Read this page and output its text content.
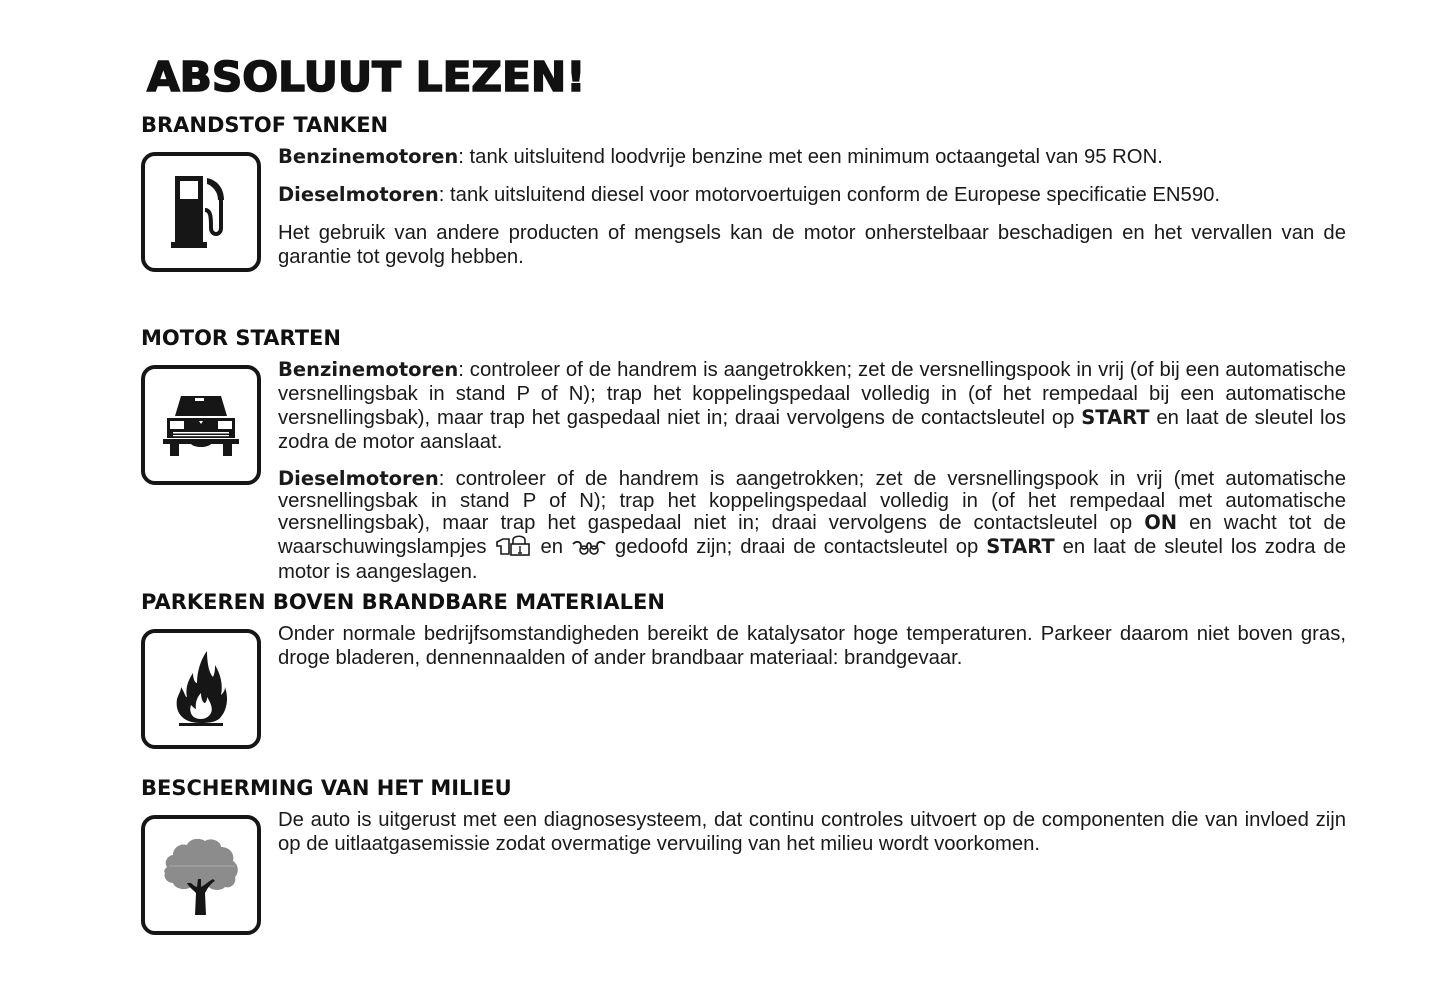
ABSOLUUT LEZEN!
BRANDSTOF TANKEN

Benzinemotoren: tank uitsluitend loodvrije benzine met een minimum octaangetal van 95 RON.

Dieselmotoren: tank uitsluitend diesel voor motorvoertuigen conform de Europese specificatie EN590.

Het gebruik van andere producten of mengsels kan de motor onherstelbaar beschadigen en het vervallen van de garantie tot gevolg hebben.

MOTOR STARTEN

Benzinemotoren: controleer of de handrem is aangetrokken; zet de versnellingspook in vrij (of bij een automatische versnellingsbak in stand P of N); trap het koppelingspedaal volledig in (of het rempedaal bij een automatische versnellingsbak), maar trap het gaspedaal niet in; draai vervolgens de contactsleutel op START en laat de sleutel los zodra de motor aanslaat.

Dieselmotoren: controleer of de handrem is aangetrokken; zet de versnellingspook in vrij (met automatische versnellingsbak in stand P of N); trap het koppelingspedaal volledig in (of het rempedaal met automatische versnellingsbak), maar trap het gaspedaal niet in; draai vervolgens de contactsleutel op ON en wacht tot de waarschuwingslampjes  en  gedoofd zijn; draai de contactsleutel op START en laat de sleutel los zodra de motor is aangeslagen.

PARKEREN BOVEN BRANDBARE MATERIALEN

Onder normale bedrijfsomstandigheden bereikt de katalysator hoge temperaturen. Parkeer daarom niet boven gras, droge bladeren, dennennaalden of ander brandbaar materiaal: brandgevaar.

BESCHERMING VAN HET MILIEU

De auto is uitgerust met een diagnosesysteem, dat continu controles uitvoert op de componenten die van invloed zijn op de uitlaatgasemissie zodat overmatige vervuiling van het milieu wordt voorkomen.
